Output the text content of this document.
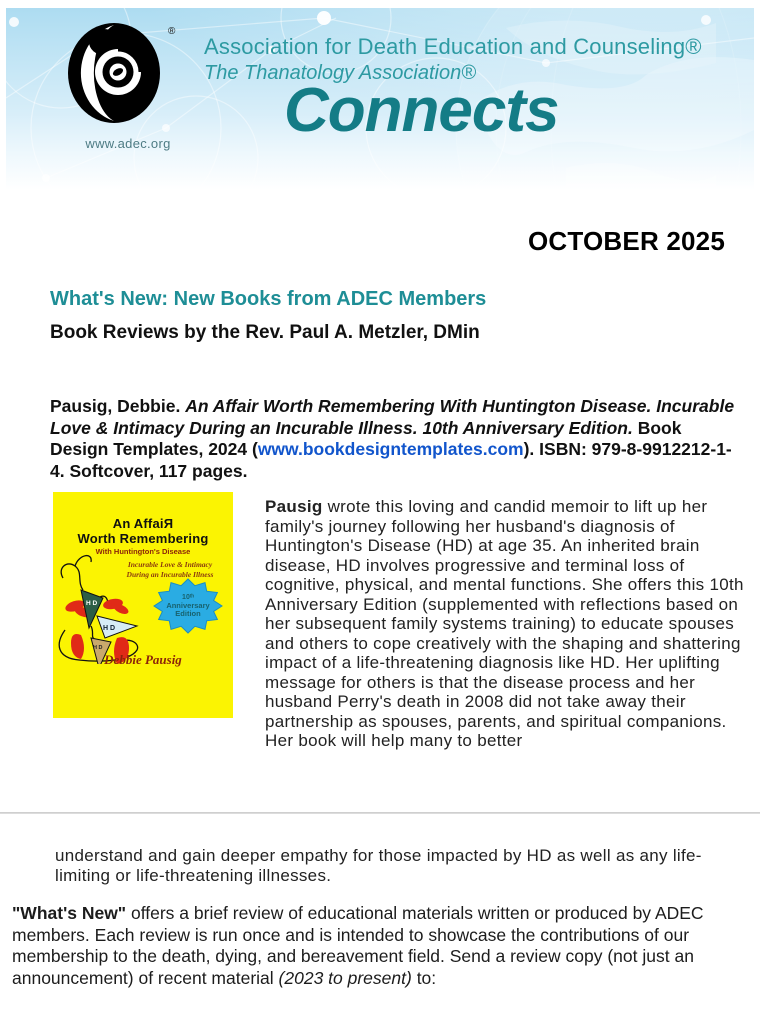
®
www.adec.org
Association for Death Education and Counseling®
The Thanatology Association®
Connects
OCTOBER 2025
What's New: New Books from ADEC Members
Book Reviews by the Rev. Paul A. Metzler, DMin

Pausig, Debbie. An Affair Worth Remembering With Huntington Disease. Incurable Love & Intimacy During an Incurable Illness. 10th Anniversary Edition. Book Design Templates, 2024 (www.bookdesigntemplates.com). ISBN: 979-8-9912212-1-4. Softcover, 117 pages.

An AffaiЯ
Worth Remembering
With Huntington's Disease
Incurable Love & Intimacy
During an Incurable Illness
H D
H D
H D
10ᵗʰ
Anniversary
Edition
Debbie Pausig

Pausig wrote this loving and candid memoir to lift up her family's journey following her husband's diagnosis of Huntington's Disease (HD) at age 35. An inherited brain disease, HD involves progressive and terminal loss of cognitive, physical, and mental functions. She offers this 10th Anniversary Edition (supplemented with reflections based on her subsequent family systems training) to educate spouses and others to cope creatively with the shaping and shattering impact of a life-threatening diagnosis like HD. Her uplifting message for others is that the disease process and her husband Perry's death in 2008 did not take away their partnership as spouses, parents, and spiritual companions. Her book will help many to better

understand and gain deeper empathy for those impacted by HD as well as any life-limiting or life-threatening illnesses.

"What's New" offers a brief review of educational materials written or produced by ADEC members. Each review is run once and is intended to showcase the contributions of our membership to the death, dying, and bereavement field. Send a review copy (not just an announcement) of recent material (2023 to present) to:
